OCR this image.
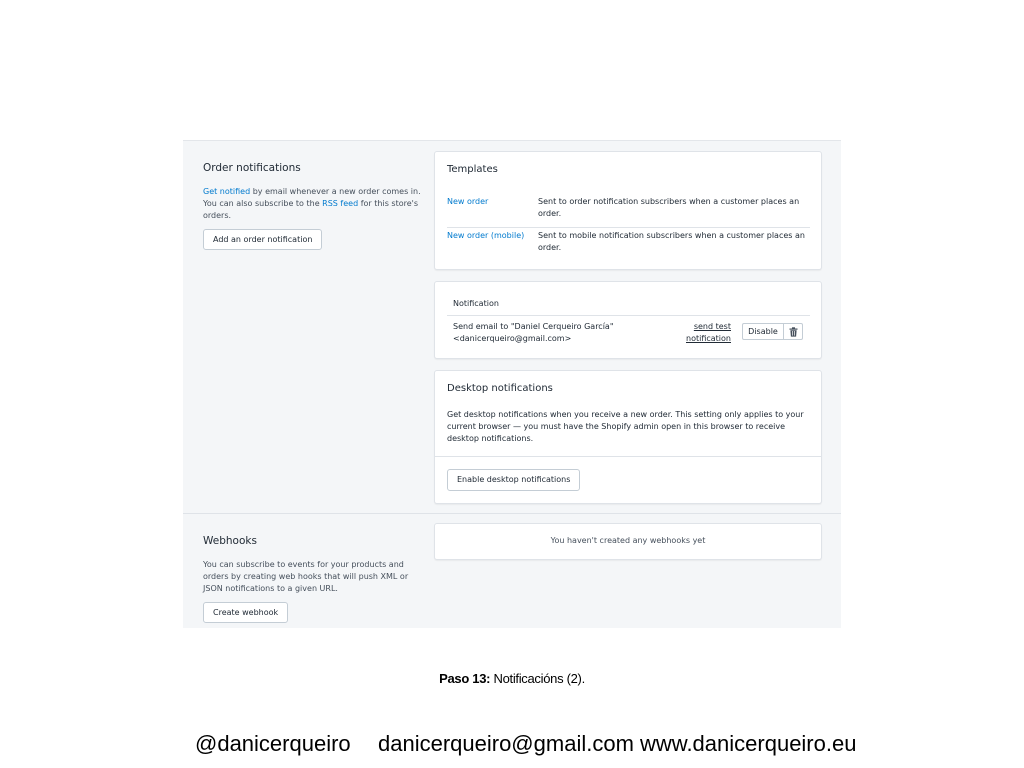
Order notifications
Get notified by email whenever a new order comes in. You can also subscribe to the RSS feed for this store's orders.
Add an order notification
Templates
New order	Sent to order notification subscribers when a customer places an order.
New order (mobile) Sent to mobile notification subscribers when a customer places an order.
Notification
Send email to "Daniel Cerqueiro García"
<danicerqueiro@gmail.com>
send test
notification
Disable
Desktop notifications
Get desktop notifications when you receive a new order. This setting only applies to your current browser — you must have the Shopify admin open in this browser to receive desktop notifications.
Enable desktop notifications
Webhooks
You can subscribe to events for your products and orders by creating web hooks that will push XML or JSON notifications to a given URL.
Create webhook
You haven't created any webhooks yet
Paso 13: Notificacións (2).
@danicerqueiro danicerqueiro@gmail.com www.danicerqueiro.eu
